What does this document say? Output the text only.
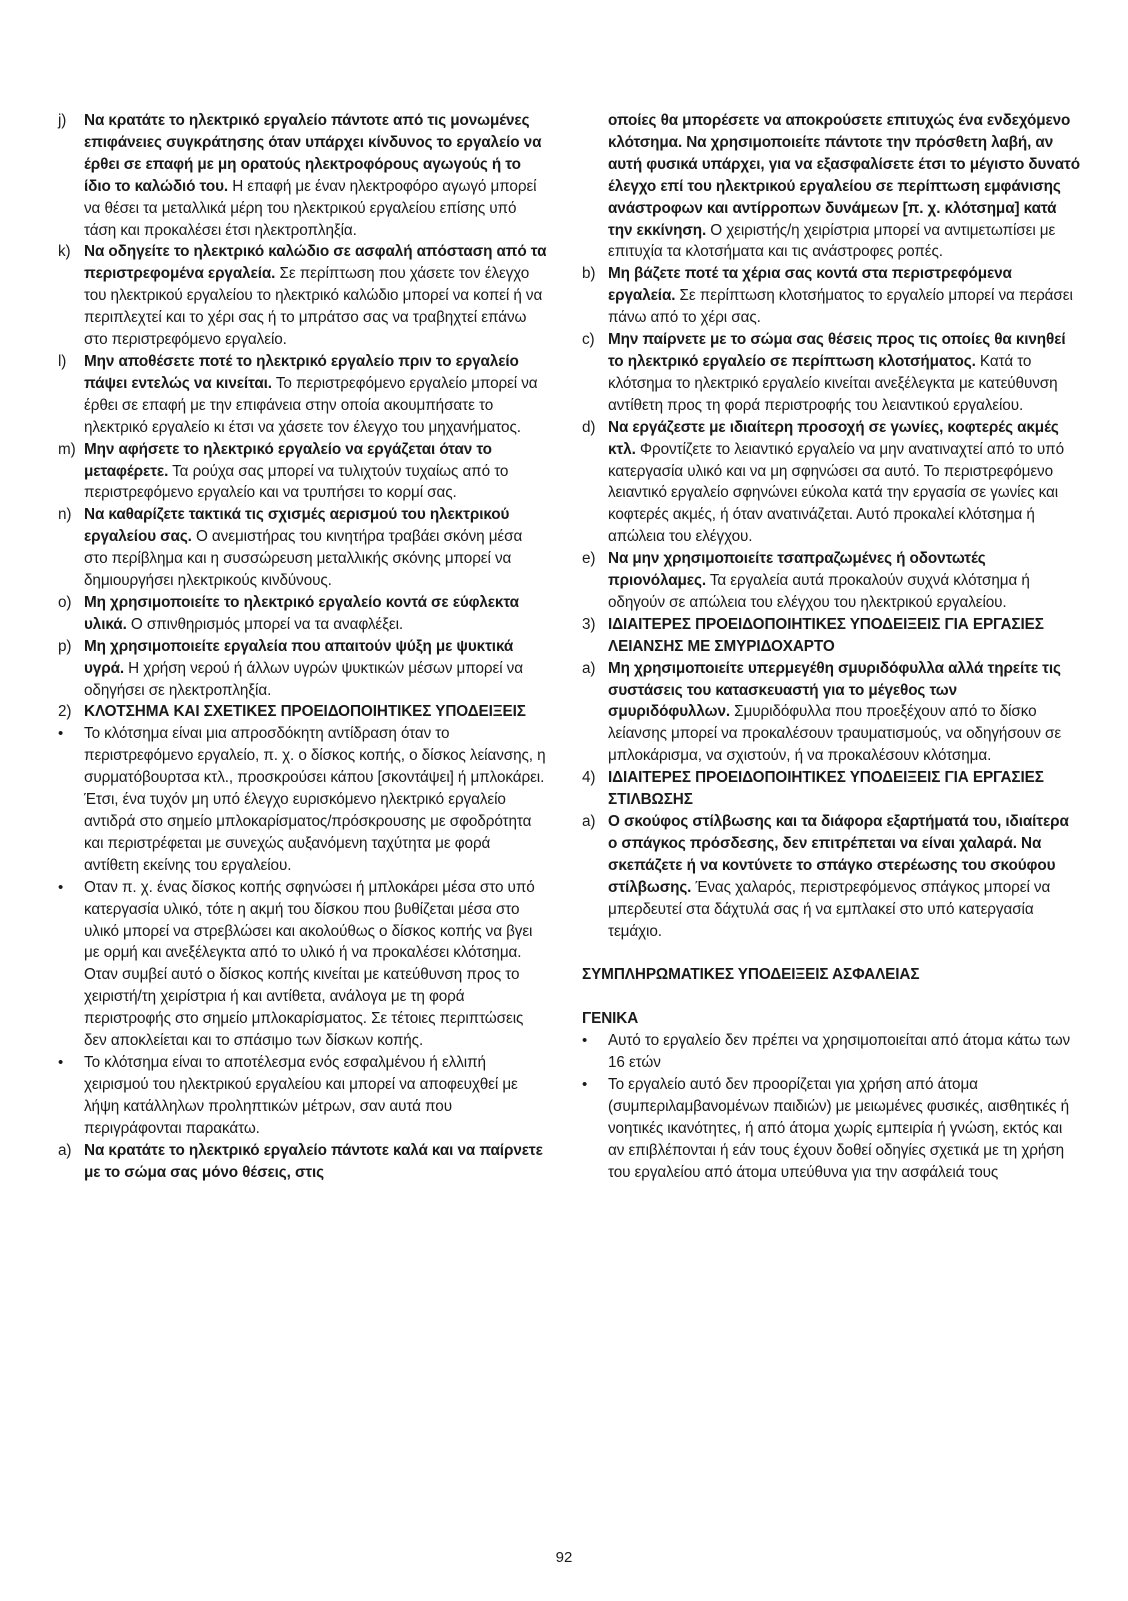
j)	Να κρατάτε το ηλεκτρικό εργαλείο πάντοτε από τις μονωμένες επιφάνειες συγκράτησης όταν υπάρχει κίνδυνος το εργαλείο να έρθει σε επαφή με μη ορατούς ηλεκτροφόρους αγωγούς ή το ίδιο το καλώδιό του. Η επαφή με έναν ηλεκτροφόρο αγωγό μπορεί να θέσει τα μεταλλικά μέρη του ηλεκτρικού εργαλείου επίσης υπό τάση και προκαλέσει έτσι ηλεκτροπληξία.
k) Να οδηγείτε το ηλεκτρικό καλώδιο σε ασφαλή απόσταση από τα περιστρεφομένα εργαλεία. Σε περίπτωση που χάσετε τον έλεγχο του ηλεκτρικού εργαλείου το ηλεκτρικό καλώδιο μπορεί να κοπεί ή να περιπλεχτεί και το χέρι σας ή το μπράτσο σας να τραβηχτεί επάνω στο περιστρεφόμενο εργαλείο.
l)	Μην αποθέσετε ποτέ το ηλεκτρικό εργαλείο πριν το εργαλείο πάψει εντελώς να κινείται. Το περιστρεφόμενο εργαλείο μπορεί να έρθει σε επαφή με την επιφάνεια στην οποία ακουμπήσατε το ηλεκτρικό εργαλείο κι έτσι να χάσετε τον έλεγχο του μηχανήματος.
m) Μην αφήσετε το ηλεκτρικό εργαλείο να εργάζεται όταν το μεταφέρετε. Τα ρούχα σας μπορεί να τυλιχτούν τυχαίως από το περιστρεφόμενο εργαλείο και να τρυπήσει το κορμί σας.
n) Να καθαρίζετε τακτικά τις σχισμές αερισμού του ηλεκτρικού εργαλείου σας. Ο ανεμιστήρας του κινητήρα τραβάει σκόνη μέσα στο περίβλημα και η συσσώρευση μεταλλικής σκόνης μπορεί να δημιουργήσει ηλεκτρικούς κινδύνους.
o) Μη χρησιμοποιείτε το ηλεκτρικό εργαλείο κοντά σε εύφλεκτα υλικά. Ο σπινθηρισμός μπορεί να τα αναφλέξει.
p) Μη χρησιμοποιείτε εργαλεία που απαιτούν ψύξη με ψυκτικά υγρά. Η χρήση νερού ή άλλων υγρών ψυκτικών μέσων μπορεί να οδηγήσει σε ηλεκτροπληξία.
2) ΚΛΟΤΣΗΜΑ ΚΑΙ ΣΧΕΤΙΚΕΣ ΠΡΟΕΙΔΟΠΟΙΗΤΙΚΕΣ ΥΠΟΔΕΙΞΕΙΣ
•	Το κλότσημα είναι μια απροσδόκητη αντίδραση όταν το περιστρεφόμενο εργαλείο, π. χ. ο δίσκος κοπής, ο δίσκος λείανσης, η συρματόβουρτσα κτλ., προσκρούσει κάπου [σκοντάψει] ή μπλοκάρει. Έτσι, ένα τυχόν μη υπό έλεγχο ευρισκόμενο ηλεκτρικό εργαλείο αντιδρά στο σημείο μπλοκαρίσματος/πρόσκρουσης με σφοδρότητα και περιστρέφεται με συνεχώς αυξανόμενη ταχύτητα με φορά αντίθετη εκείνης του εργαλείου.
•	Οταν π. χ. ένας δίσκος κοπής σφηνώσει ή μπλοκάρει μέσα στο υπό κατεργασία υλικό, τότε η ακμή του δίσκου που βυθίζεται μέσα στο υλικό μπορεί να στρεβλώσει και ακολούθως ο δίσκος κοπής να βγει με ορμή και ανεξέλεγκτα από το υλικό ή να προκαλέσει κλότσημα. Οταν συμβεί αυτό ο δίσκος κοπής κινείται με κατεύθυνση προς το χειριστή/τη χειρίστρια ή και αντίθετα, ανάλογα με τη φορά περιστροφής στο σημείο μπλοκαρίσματος. Σε τέτοιες περιπτώσεις δεν αποκλείεται και το σπάσιμο των δίσκων κοπής.
•	Το κλότσημα είναι το αποτέλεσμα ενός εσφαλμένου ή ελλιπή χειρισμού του ηλεκτρικού εργαλείου και μπορεί να αποφευχθεί με λήψη κατάλληλων προληπτικών μέτρων, σαν αυτά που περιγράφονται παρακάτω.
a) Να κρατάτε το ηλεκτρικό εργαλείο πάντοτε καλά και να παίρνετε με το σώμα σας μόνο θέσεις, στις
οποίες θα μπορέσετε να αποκρούσετε επιτυχώς ένα ενδεχόμενο κλότσημα. Να χρησιμοποιείτε πάντοτε την πρόσθετη λαβή, αν αυτή φυσικά υπάρχει, για να εξασφαλίσετε έτσι το μέγιστο δυνατό έλεγχο επί του ηλεκτρικού εργαλείου σε περίπτωση εμφάνισης ανάστροφων και αντίρροπων δυνάμεων [π. χ. κλότσημα] κατά την εκκίνηση. Ο χειριστής/η χειρίστρια μπορεί να αντιμετωπίσει με επιτυχία τα κλοτσήματα και τις ανάστροφες ροπές.
b) Μη βάζετε ποτέ τα χέρια σας κοντά στα περιστρεφόμενα εργαλεία. Σε περίπτωση κλοτσήματος το εργαλείο μπορεί να περάσει πάνω από το χέρι σας.
c) Μην παίρνετε με το σώμα σας θέσεις προς τις οποίες θα κινηθεί το ηλεκτρικό εργαλείο σε περίπτωση κλοτσήματος. Κατά το κλότσημα το ηλεκτρικό εργαλείο κινείται ανεξέλεγκτα με κατεύθυνση αντίθετη προς τη φορά περιστροφής του λειαντικού εργαλείου.
d) Να εργάζεστε με ιδιαίτερη προσοχή σε γωνίες, κοφτερές ακμές κτλ. Φροντίζετε το λειαντικό εργαλείο να μην ανατιναχτεί από το υπό κατεργασία υλικό και να μη σφηνώσει σα αυτό. Το περιστρεφόμενο λειαντικό εργαλείο σφηνώνει εύκολα κατά την εργασία σε γωνίες και κοφτερές ακμές, ή όταν ανατινάζεται. Αυτό προκαλεί κλότσημα ή απώλεια του ελέγχου.
e) Να μην χρησιμοποιείτε τσαπραζωμένες ή οδοντωτές πριονόλαμες. Τα εργαλεία αυτά προκαλούν συχνά κλότσημα ή οδηγούν σε απώλεια του ελέγχου του ηλεκτρικού εργαλείου.
3) ΙΔΙΑΙΤΕΡΕΣ ΠΡΟΕΙΔΟΠΟΙΗΤΙΚΕΣ ΥΠΟΔΕΙΞΕΙΣ ΓΙΑ ΕΡΓΑΣΙΕΣ ΛΕΙΑΝΣΗΣ ΜΕ ΣΜΥΡΙΔΟΧΑΡΤΟ
a) Μη χρησιμοποιείτε υπερμεγέθη σμυριδόφυλλα αλλά τηρείτε τις συστάσεις του κατασκευαστή για το μέγεθος των σμυριδόφυλλων. Σμυριδόφυλλα που προεξέχουν από το δίσκο λείανσης μπορεί να προκαλέσουν τραυματισμούς, να οδηγήσουν σε μπλοκάρισμα, να σχιστούν, ή να προκαλέσουν κλότσημα.
4) ΙΔΙΑΙΤΕΡΕΣ ΠΡΟΕΙΔΟΠΟΙΗΤΙΚΕΣ ΥΠΟΔΕΙΞΕΙΣ ΓΙΑ ΕΡΓΑΣΙΕΣ ΣΤΙΛΒΩΣΗΣ
a) Ο σκούφος στίλβωσης και τα διάφορα εξαρτήματά του, ιδιαίτερα ο σπάγκος πρόσδεσης, δεν επιτρέπεται να είναι χαλαρά. Να σκεπάζετε ή να κοντύνετε το σπάγκο στερέωσης του σκούφου στίλβωσης. Ένας χαλαρός, περιστρεφόμενος σπάγκος μπορεί να μπερδευτεί στα δάχτυλά σας ή να εμπλακεί στο υπό κατεργασία τεμάχιο.
ΣΥΜΠΛΗΡΩΜΑΤΙΚΕΣ ΥΠΟΔΕΙΞΕΙΣ ΑΣΦΑΛΕΙΑΣ
ΓΕΝΙΚΑ
•	Αυτό το εργαλείο δεν πρέπει να χρησιμοποιείται από άτομα κάτω των 16 ετών
•	Το εργαλείο αυτό δεν προορίζεται για χρήση από άτομα (συμπεριλαμβανομένων παιδιών) με μειωμένες φυσικές, αισθητικές ή νοητικές ικανότητες, ή από άτομα χωρίς εμπειρία ή γνώση, εκτός και αν επιβλέπονται ή εάν τους έχουν δοθεί οδηγίες σχετικά με τη χρήση του εργαλείου από άτομα υπεύθυνα για την ασφάλειά τους
92
